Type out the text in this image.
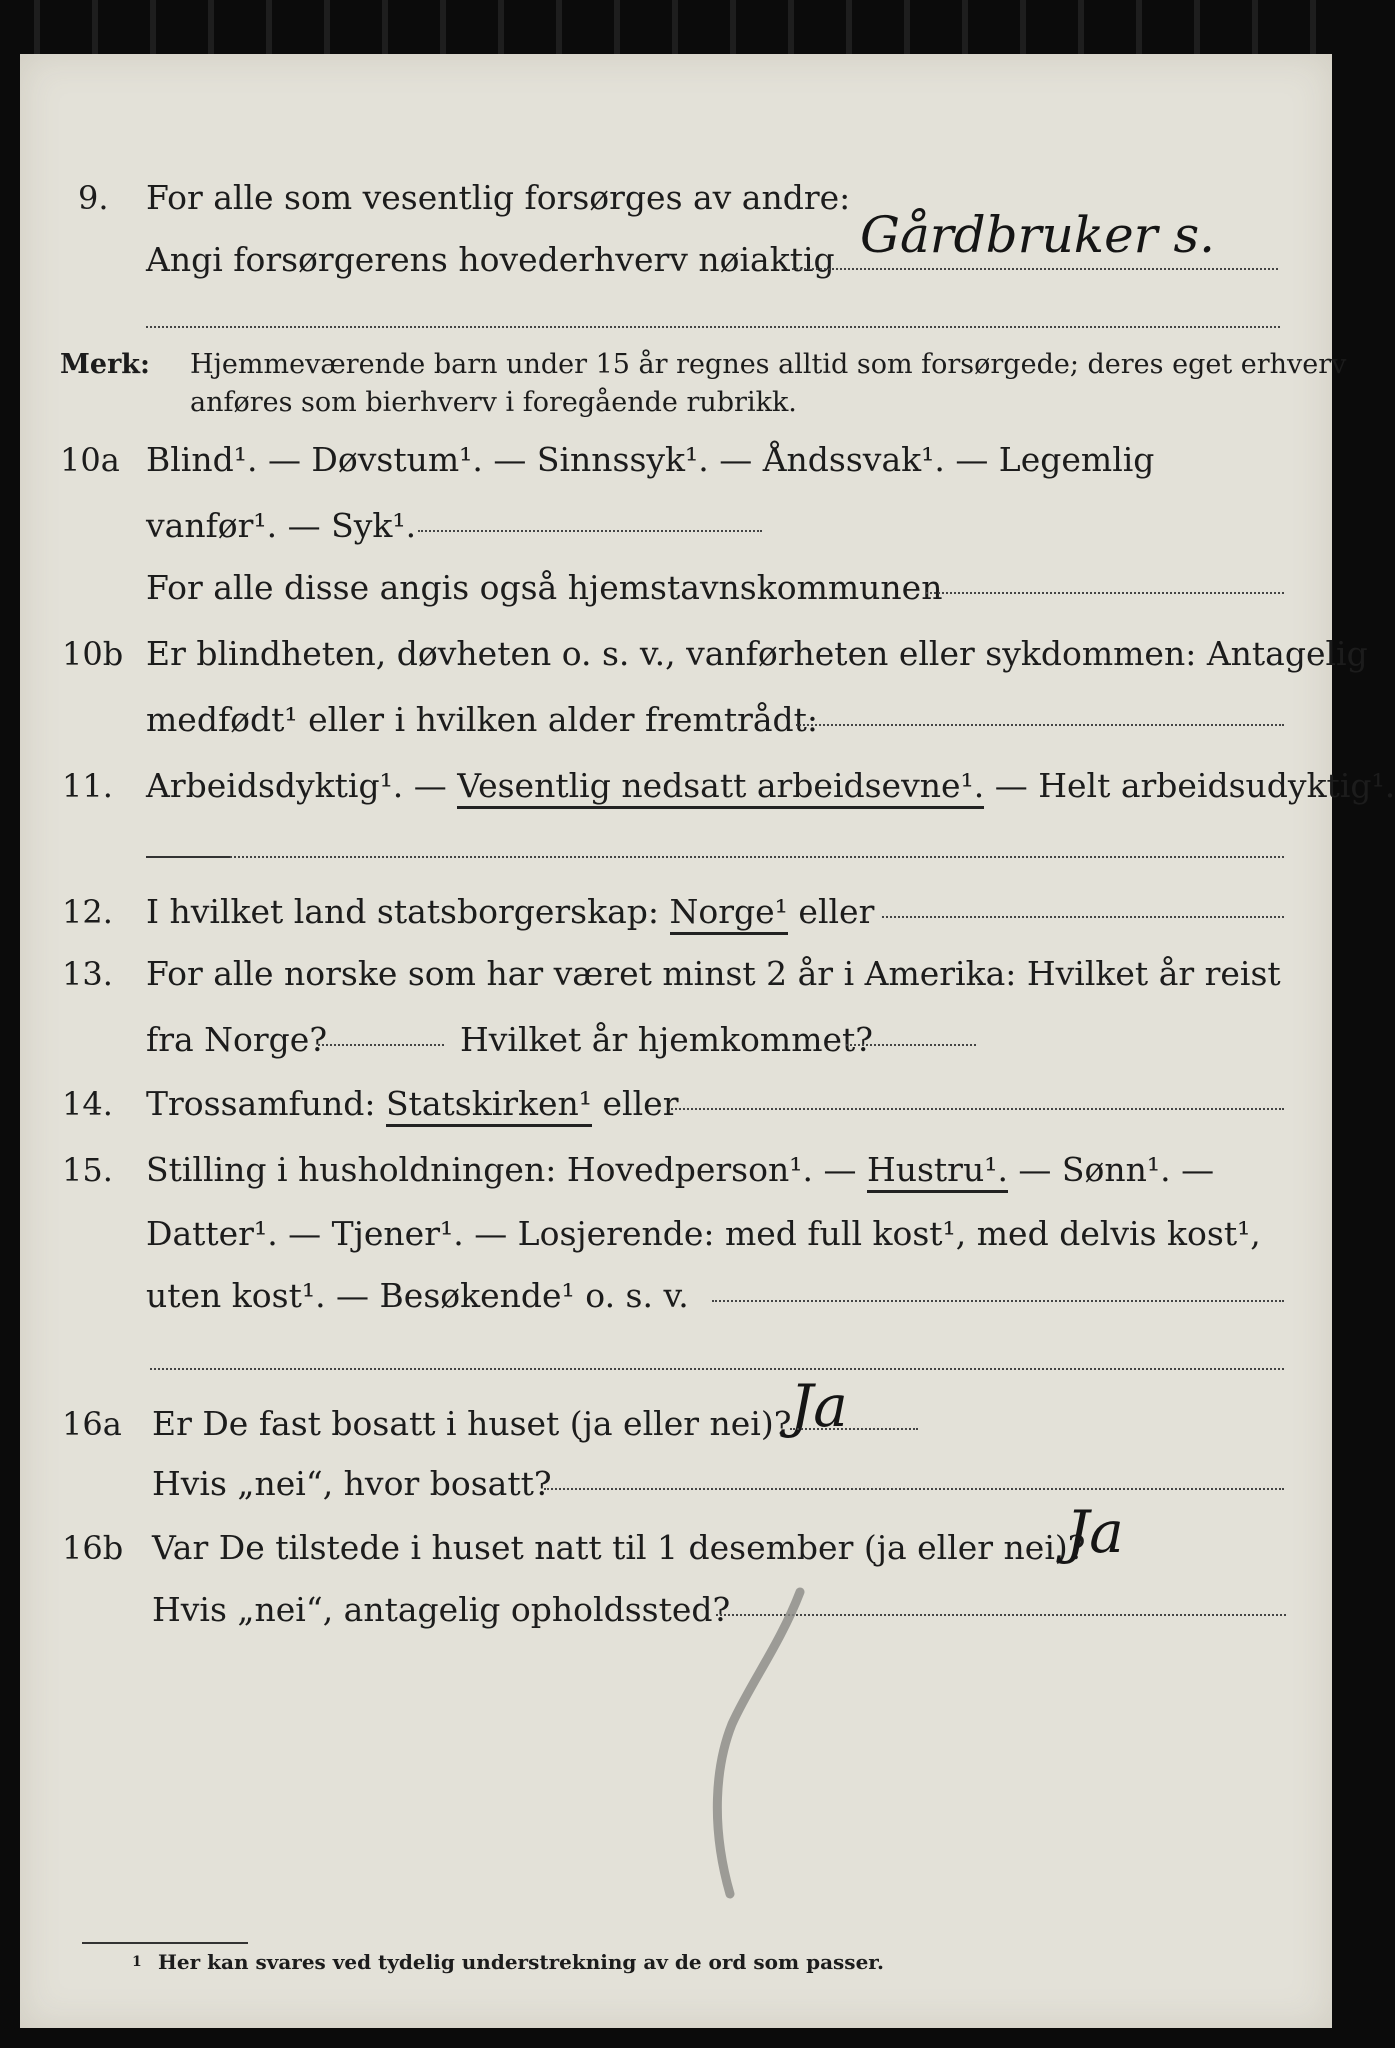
9. For alle som vesentlig forsørges av andre:
Angi forsørgerens hovederhverv nøiaktig Gårdbruker s.
Merk: Hjemmeværende barn under 15 år regnes alltid som forsørgede; deres eget erhverv
anføres som bierhverv i foregående rubrikk.
10a Blind¹. — Døvstum¹. — Sinnssyk¹. — Åndssvak¹. — Legemlig
vanfør¹. — Syk¹.
For alle disse angis også hjemstavnskommunen
10b Er blindheten, døvheten o. s. v., vanførheten eller sykdommen: Antagelig
medfødt¹ eller i hvilken alder fremtrådt:
11. Arbeidsdyktig¹. — Vesentlig nedsatt arbeidsevne¹. — Helt arbeidsudyktig¹.
12. I hvilket land statsborgerskap: Norge¹ eller
13. For alle norske som har været minst 2 år i Amerika: Hvilket år reist
fra Norge?	Hvilket år hjemkommet?
14. Trossamfund: Statskirken¹ eller
15. Stilling i husholdningen: Hovedperson¹. — Hustru¹. — Sønn¹. —
Datter¹. — Tjener¹. — Losjerende: med full kost¹, med delvis kost¹,
uten kost¹. — Besøkende¹ o. s. v.
16a Er De fast bosatt i huset (ja eller nei)?
Ja
Hvis „nei“, hvor bosatt?
16b Var De tilstede i huset natt til 1 desember (ja eller nei)?
Ja
Hvis „nei“, antagelig opholdssted?
1 Her kan svares ved tydelig understrekning av de ord som passer.
